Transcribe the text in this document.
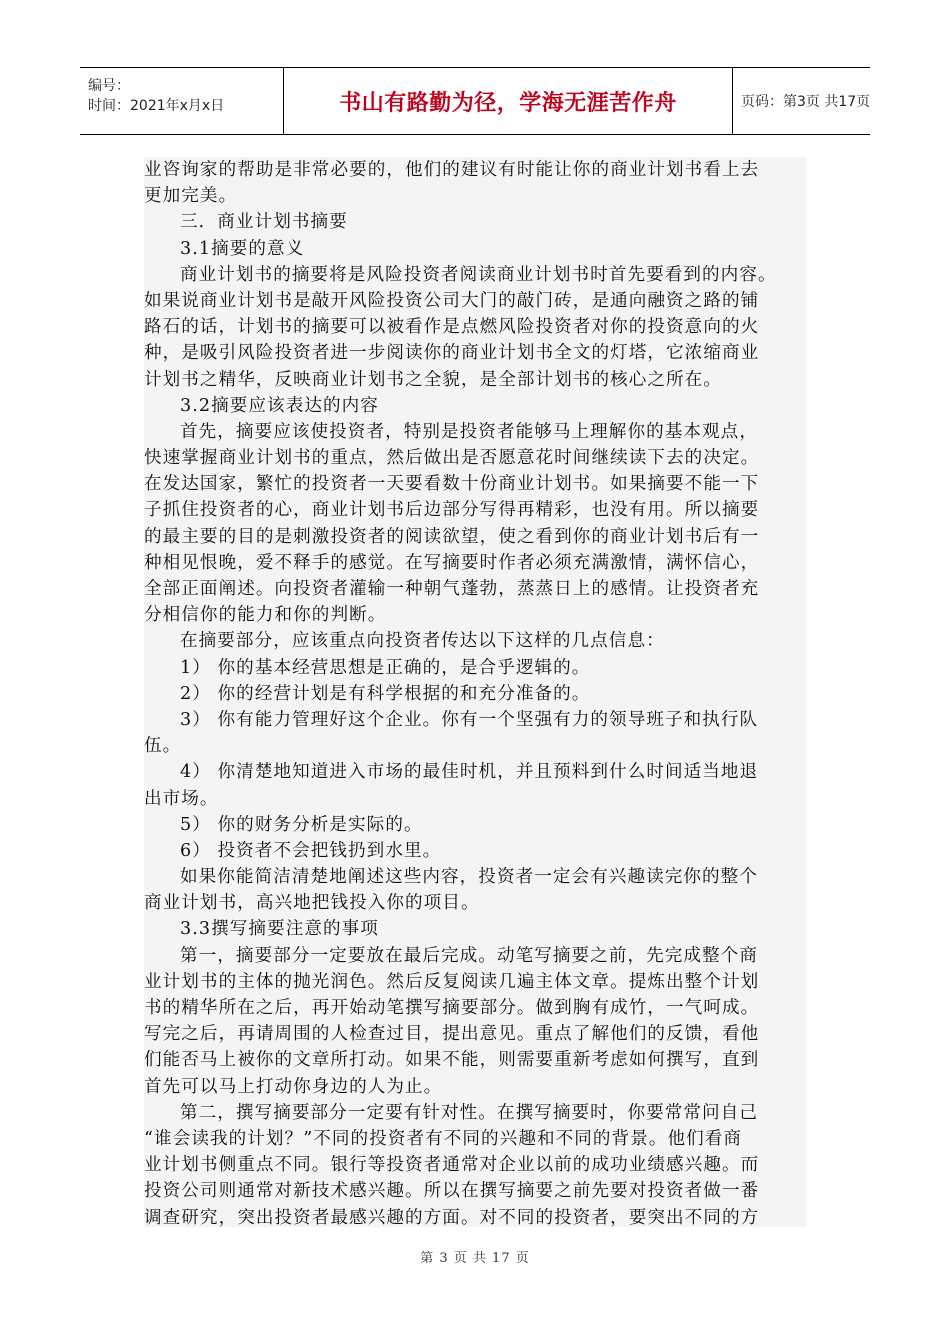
编号：
时间：2021年x月x日	书山有路勤为径，学海无涯苦作舟	页码：第3页 共17页
业咨询家的帮助是非常必要的，他们的建议有时能让你的商业计划书看上去
更加完美。
三．商业计划书摘要
3.1摘要的意义
商业计划书的摘要将是风险投资者阅读商业计划书时首先要看到的内容。
如果说商业计划书是敲开风险投资公司大门的敲门砖，是通向融资之路的铺
路石的话，计划书的摘要可以被看作是点燃风险投资者对你的投资意向的火
种，是吸引风险投资者进一步阅读你的商业计划书全文的灯塔，它浓缩商业
计划书之精华，反映商业计划书之全貌，是全部计划书的核心之所在。
3.2摘要应该表达的内容
首先，摘要应该使投资者，特别是投资者能够马上理解你的基本观点，
快速掌握商业计划书的重点，然后做出是否愿意花时间继续读下去的决定。
在发达国家，繁忙的投资者一天要看数十份商业计划书。如果摘要不能一下
子抓住投资者的心，商业计划书后边部分写得再精彩，也没有用。所以摘要
的最主要的目的是刺激投资者的阅读欲望，使之看到你的商业计划书后有一
种相见恨晚，爱不释手的感觉。在写摘要时作者必须充满激情，满怀信心，
全部正面阐述。向投资者灌输一种朝气蓬勃，蒸蒸日上的感情。让投资者充
分相信你的能力和你的判断。
在摘要部分，应该重点向投资者传达以下这样的几点信息：
1） 你的基本经营思想是正确的，是合乎逻辑的。
2） 你的经营计划是有科学根据的和充分准备的。
3） 你有能力管理好这个企业。你有一个坚强有力的领导班子和执行队
伍。
4） 你清楚地知道进入市场的最佳时机，并且预料到什么时间适当地退
出市场。
5） 你的财务分析是实际的。
6） 投资者不会把钱扔到水里。
如果你能简洁清楚地阐述这些内容，投资者一定会有兴趣读完你的整个
商业计划书，高兴地把钱投入你的项目。
3.3撰写摘要注意的事项
第一，摘要部分一定要放在最后完成。动笔写摘要之前，先完成整个商
业计划书的主体的抛光润色。然后反复阅读几遍主体文章。提炼出整个计划
书的精华所在之后，再开始动笔撰写摘要部分。做到胸有成竹，一气呵成。
写完之后，再请周围的人检查过目，提出意见。重点了解他们的反馈，看他
们能否马上被你的文章所打动。如果不能，则需要重新考虑如何撰写，直到
首先可以马上打动你身边的人为止。
第二，撰写摘要部分一定要有针对性。在撰写摘要时，你要常常问自己
“谁会读我的计划？”不同的投资者有不同的兴趣和不同的背景。他们看商
业计划书侧重点不同。银行等投资者通常对企业以前的成功业绩感兴趣。而
投资公司则通常对新技术感兴趣。所以在撰写摘要之前先要对投资者做一番
调查研究，突出投资者最感兴趣的方面。对不同的投资者，要突出不同的方
第 3 页 共 17 页
